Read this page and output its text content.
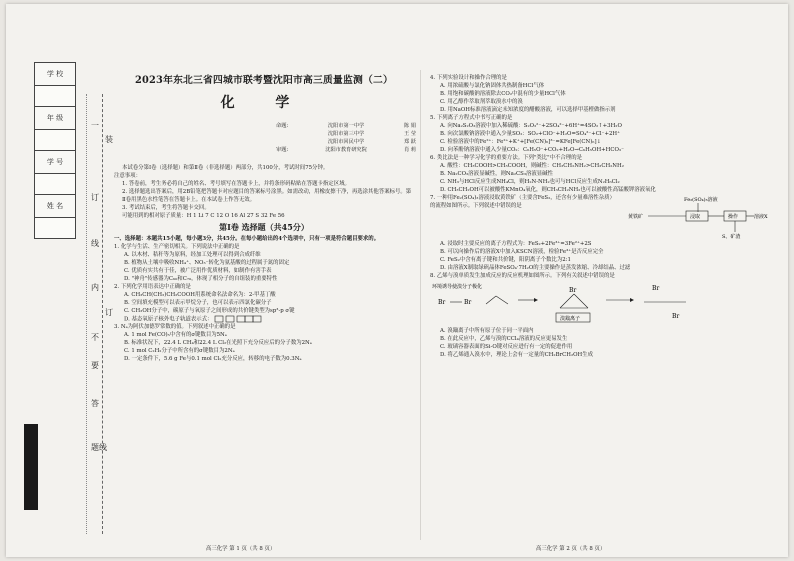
学 校
年 级
学 号
姓 名
一
装
订
线
内
订
不
要
答
题 线
2023年东北三省四城市联考暨沈阳市高三质量监测（二）
化 学
命题:	沈阳市第一中学	陈 娟
沈阳市第三中学	王 莹
沈阳市回民中学	郑 跃
审题:	沈阳市教育研究院	肖 莉

本试卷分第Ⅰ卷（选择题）和第Ⅱ卷（非选择题）两部分，共100分，考试时间75分钟。

注意事项：

1. 答卷前，考生务必将自己的姓名、考号填写在答题卡上，并将条形码粘贴在答题卡指定区域。

2. 选择题选出答案后，用2B铅笔把答题卡对应题目的答案标号涂黑。如需改动，用橡皮擦干净，再选涂其他答案标号。第Ⅱ卷用黑色水性笔答在答题卡上。在本试卷上作答无效。

3. 考试结束后，考生将答题卡交回。

可能用到的相对原子质量：H 1 Li 7 C 12 O 16 Al 27 S 32 Fe 56

第Ⅰ卷 选择题（共45分）

一、选择题：本题共15小题，每小题3分，共45分。在每小题给出的4个选项中，只有一项是符合题目要求的。

1. 化学与生活、生产密切相关。下列说法中正确的是

A. 以木材、秸秆等为原料，经加工处理可以得到合成纤维

B. 植物从土壤中吸收NH₄⁺、NO₃⁻转化为氨基酸的过程属于氮的固定

C. 优质有实共有于佳，被广泛用作优质材料，如制作有害手表

D. "神舟"传感器为C₆₀和C₇₀，体现了相分子的自组装的重要特性

2. 下列化学用语表达中正确的是

A. CH₃CH(CH₃)CH₂COOH用系统命名法命名为：2-甲基丁酸

B. 空间填充模型可以表示甲烷分子，也可以表示四氯化碳分子

C. CH₃OH分子中，碳原子与氧原子之间形成的共价键类型为sp³-p σ键

D. 基态氧原子核外电子轨道表示式：

3. Nₐ为阿伏加德罗常数的值。下列叙述中正确的是

A. 1 mol Fe(CO)₅中含有的σ键数目为5Nₐ

B. 标准状况下，22.4 L CH₄和22.4 L Cl₂在光照下充分反应后的分子数为2Nₐ

C. 1 mol C₂H₂分子中所含有的σ键数目为2Nₐ

D. 一定条件下，5.6 g Fe与0.1 mol Cl₂充分反应，转移的电子数为0.3Nₐ

4. 下列实验设计和操作合理的是

A. 用浓硫酸与氯化钠固体共热制备HCl气体

B. 用饱和碳酸钠溶液除去CO₂中混有的少量HCl气体

C. 用乙醇作萃取剂萃取溴水中的溴

D. 用NaOH标准溶液滴定未知浓度的醋酸溶液，可以选择甲基橙做指示剂

5. 下列离子方程式中书写正确的是

A. 向Na₂S₂O₃溶液中加入稀硫酸：S₂O₃²⁻+2SO₄²⁻+6H⁺=4SO₂↑+3H₂O

B. 向次氯酸钠溶液中通入少量SO₂：SO₂+ClO⁻+H₂O=SO₄²⁻+Cl⁻+2H⁺

C. 检验溶液中的Fe²⁺：Fe²⁺+K⁺+[Fe(CN)₆]³⁻=KFe[Fe(CN)₆]↓

D. 向苯酚钠溶液中通入少量CO₂：C₆H₅O⁻+CO₂+H₂O→C₆H₅OH+HCO₃⁻

6. 类比法是一种学习化学的重要方法。下列"类比"中不合理的是

A. 酸性：CH₃COOH>CH₃COOH，则碱性：CH₃CH₂NH₂>CH₃CH₂NH₂

B. Na₂CO₃溶液显碱性，则Na₂CS₃溶液显碱性

C. NH₃与HCl反应生成NH₄Cl，则H₂N-NH₂也可与HCl反应生成N₂H₆Cl₂

D. CH₃CH₂OH可以被酸性KMnO₄氧化，则CH₃CH₂NH₂也可以被酸性高锰酸钾溶液氧化

7. 一种用Fe₂(SO₄)₃溶液浸取黄铁矿（主要含FeS₂，还含有少量难溶性杂质）的流程如图所示。下列叙述中错误的是

Fe₂(SO₄)₃溶液
黄铁矿	浸取	操作	溶液X
S、矿渣

A. 浸取时主要反应的离子方程式为：FeS₂+2Fe³⁺=3Fe²⁺+2S

B. 可以向操作后的溶液X中加入KSCN溶液，检验Fe³⁺是否反应完全

C. FeS₂中含有离子键和共价键，阳阴离子个数比为2:1

D. 由溶液X制取绿矾晶体FeSO₄·7H₂O的主要操作是蒸发浓缩、冷却结晶、过滤

8. 乙烯与溴单质发生加成反应的反应机理如图所示。下列有关叙述中错误的是

环境诱导使溴分子极化
Br	Br
Br
溴鎓离子
Br
Br

A. 溴鎓离子中所有原子位于同一平面内

B. 在此反应中，乙烯与溴的CCl₄溶液的反应更易发生

C. 玻璃容器表面的Si-O键对反应进行有一定的促进作用

D. 将乙烯通入溴水中，理论上会有一定量的CH₂BrCH₂OH生成

高三化学 第 1 页（共 8 页）	高三化学 第 2 页（共 8 页）
